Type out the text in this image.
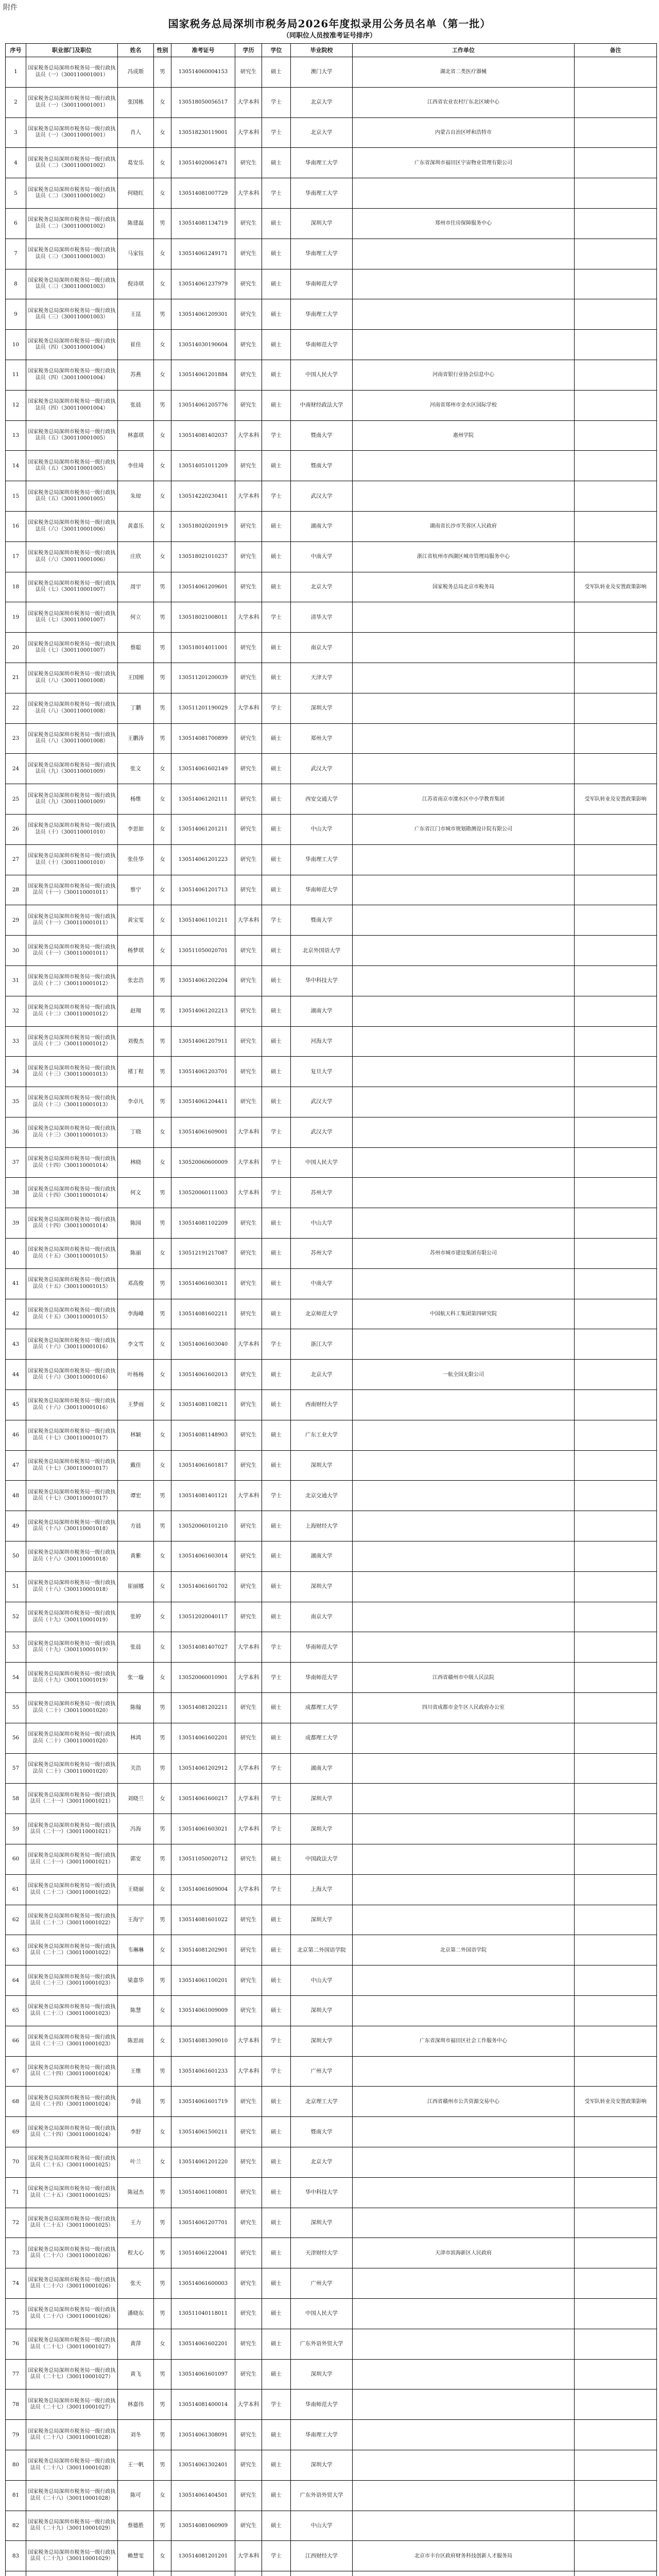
附件
国家税务总局深圳市税务局2026年度拟录用公务员名单（第一批）
（同职位人员按准考证号排序）
序号	职业部门及职位	姓名	性别	准考证号	学历	学位	毕业院校	工作单位	备注
1	国家税务总局深圳市税务局一级行政执法员（一）（300110001001）	冯成斯	男	130514060004153	研究生	硕士	澳门大学	湖北省二类医疗器械	
2	国家税务总局深圳市税务局一级行政执法员（一）（300110001001）	张国栋	女	130518050056517	大学本科	学士	北京大学	江西省农业农村厅东北区域中心	
3	国家税务总局深圳市税务局一级行政执法员（一）（300110001001）	肖人	女	130518230119001	大学本科	学士	北京大学	内蒙古自治区呼和浩特市	
4	国家税务总局深圳市税务局一级行政执法员（二）（300110001002）	葛安乐	女	130514020061471	研究生	硕士	华南理工大学	广东省深圳市福田区宇宙物业管理有限公司	
5	国家税务总局深圳市税务局一级行政执法员（二）（300110001002）	何晓红	女	130514081007729	大学本科	学士	华南理工大学		
6	国家税务总局深圳市税务局一级行政执法员（二）（300110001002）	陈建磊	男	130514081134719	研究生	硕士	深圳大学	郑州市住房保障服务中心	
7	国家税务总局深圳市税务局一级行政执法员（三）（300110001003）	马家钰	女	130514061249171	研究生	硕士	华南理工大学		
8	国家税务总局深圳市税务局一级行政执法员（三）（300110001003）	倪诗琪	女	130514061237979	研究生	硕士	华南师范大学		
9	国家税务总局深圳市税务局一级行政执法员（三）（300110001003）	王昆	男	130514061209301	研究生	硕士	华南理工大学		
10	国家税务总局深圳市税务局一级行政执法员（四）（300110001004）	崔佳	女	130514030190604	研究生	硕士	华南师范大学		
11	国家税务总局深圳市税务局一级行政执法员（四）（300110001004）	苏燕	女	130514061201884	研究生	硕士	中国人民大学	河南省银行业协会信息中心	
12	国家税务总局深圳市税务局一级行政执法员（四）（300110001004）	张晨	男	130514061205776	研究生	硕士	中南财经政法大学	河南省郑州市金水区国际学校	
13	国家税务总局深圳市税务局一级行政执法员（五）（300110001005）	林嘉琪	女	130514081402037	大学本科	学士	暨南大学	惠州学院	
14	国家税务总局深圳市税务局一级行政执法员（五）（300110001005）	李佳琦	女	130514051011209	研究生	硕士	暨南大学		
15	国家税务总局深圳市税务局一级行政执法员（五）（300110001005）	朱琼	女	130514220230411	大学本科	学士	武汉大学		
16	国家税务总局深圳市税务局一级行政执法员（六）（300110001006）	黄嘉乐	女	130518020201919	研究生	硕士	湖南大学	湖南省长沙市芙蓉区人民政府	
17	国家税务总局深圳市税务局一级行政执法员（六）（300110001006）	庄欣	女	130518021010237	研究生	硕士	中南大学	浙江省杭州市西湖区城市管理局服务中心	
18	国家税务总局深圳市税务局一级行政执法员（七）（300110001007）	周宇	男	130514061209601	研究生	硕士	北京大学	国家税务总局北京市税务局	受军队转业及安置政策影响
19	国家税务总局深圳市税务局一级行政执法员（七）（300110001007）	何立	男	130518021008011	大学本科	学士	清华大学		
20	国家税务总局深圳市税务局一级行政执法员（七）（300110001007）	蔡聪	男	130518014011001	研究生	硕士	南京大学		
21	国家税务总局深圳市税务局一级行政执法员（八）（300110001008）	王国刚	男	130511201200039	研究生	硕士	天津大学		
22	国家税务总局深圳市税务局一级行政执法员（八）（300110001008）	丁鹏	男	130511201190029	大学本科	学士	深圳大学		
23	国家税务总局深圳市税务局一级行政执法员（八）（300110001008）	王鹏涛	男	130514081700899	研究生	硕士	郑州大学		
24	国家税务总局深圳市税务局一级行政执法员（九）（300110001009）	张文	女	130514061602149	研究生	硕士	武汉大学		
25	国家税务总局深圳市税务局一级行政执法员（九）（300110001009）	杨维	女	130514061202111	研究生	硕士	西安交通大学	江苏省南京市溧水区中小学教育集团	受军队转业及安置政策影响
26	国家税务总局深圳市税务局一级行政执法员（十）（300110001010）	李思如	女	130514061201211	研究生	硕士	中山大学	广东省江门市城市规划勘测设计院有限公司	
27	国家税务总局深圳市税务局一级行政执法员（十）（300110001010）	张佳华	女	130514061201223	研究生	硕士	华南理工大学		
28	国家税务总局深圳市税务局一级行政执法员（十一）（300110001011）	蔡宁	女	130514061201713	研究生	硕士	华南师范大学		
29	国家税务总局深圳市税务局一级行政执法员（十一）（300110001011）	黄宝雯	女	130514061101211	大学本科	学士	暨南大学		
30	国家税务总局深圳市税务局一级行政执法员（十一）（300110001011）	杨梦琪	女	130511050020701	研究生	硕士	北京外国语大学		
31	国家税务总局深圳市税务局一级行政执法员（十二）（300110001012）	张忠浩	男	130514061202204	研究生	硕士	华中科技大学		
32	国家税务总局深圳市税务局一级行政执法员（十二）（300110001012）	赵翔	男	130514061202213	研究生	硕士	湖南大学		
33	国家税务总局深圳市税务局一级行政执法员（十二）（300110001012）	刘俊杰	男	130514061207911	研究生	硕士	河海大学		
34	国家税务总局深圳市税务局一级行政执法员（十三）（300110001013）	褚丁程	男	130514061203701	研究生	硕士	复旦大学		
35	国家税务总局深圳市税务局一级行政执法员（十三）（300110001013）	李卓凡	男	130514061204411	研究生	硕士	武汉大学		
36	国家税务总局深圳市税务局一级行政执法员（十三）（300110001013）	丁晓	女	130514061609001	大学本科	学士	武汉大学		
37	国家税务总局深圳市税务局一级行政执法员（十四）（300110001014）	林晓	女	130520060600009	大学本科	学士	中国人民大学		
38	国家税务总局深圳市税务局一级行政执法员（十四）（300110001014）	何文	男	130520060111003	大学本科	学士	苏州大学		
39	国家税务总局深圳市税务局一级行政执法员（十四）（300110001014）	陈园	男	130514081102209	研究生	硕士	中山大学		
40	国家税务总局深圳市税务局一级行政执法员（十五）（300110001015）	陈丽	女	130512191217087	研究生	硕士	苏州大学	苏州市城市建设集团有限公司	
41	国家税务总局深圳市税务局一级行政执法员（十五）（300110001015）	邓高俊	男	130514061603011	研究生	硕士	中南大学		
42	国家税务总局深圳市税务局一级行政执法员（十五）（300110001015）	李海峰	男	130514081602211	研究生	硕士	北京师范大学	中国航天科工集团第四研究院	
43	国家税务总局深圳市税务局一级行政执法员（十六）（300110001016）	李文雪	女	130514061603040	大学本科	学士	浙江大学		
44	国家税务总局深圳市税务局一级行政执法员（十六）（300110001016）	叶杨杨	女	130514061602013	研究生	硕士	北京大学	一航全国无限公司	
45	国家税务总局深圳市税务局一级行政执法员（十六）（300110001016）	王梦雨	女	130514081108211	研究生	硕士	西南财经大学		
46	国家税务总局深圳市税务局一级行政执法员（十七）（300110001017）	林颖	女	130514081148903	研究生	硕士	广东工业大学		
47	国家税务总局深圳市税务局一级行政执法员（十七）（300110001017）	戴佳	女	130514061601817	研究生	硕士	深圳大学		
48	国家税务总局深圳市税务局一级行政执法员（十七）（300110001017）	谭宏	男	130514081401121	大学本科	学士	北京交通大学		
49	国家税务总局深圳市税务局一级行政执法员（十八）（300110001018）	方晨	男	130520060101210	研究生	硕士	上海财经大学		
50	国家税务总局深圳市税务局一级行政执法员（十八）（300110001018）	黄紫	女	130514061603014	研究生	硕士	湖南大学		
51	国家税务总局深圳市税务局一级行政执法员（十八）（300110001018）	崔丽娜	女	130514061601702	研究生	硕士	深圳大学		
52	国家税务总局深圳市税务局一级行政执法员（十九）（300110001019）	张婷	女	130512020040117	研究生	硕士	南京大学		
53	国家税务总局深圳市税务局一级行政执法员（十九）（300110001019）	张晨	女	130514081407027	大学本科	学士	华南师范大学		
54	国家税务总局深圳市税务局一级行政执法员（十九）（300110001019）	张一璇	女	130520060010901	大学本科	学士	华南师范大学	江西省赣州市中级人民法院	
55	国家税务总局深圳市税务局一级行政执法员（二十）（300110001020）	陈翰	男	130514081202211	研究生	硕士	成都理工大学	四川省成都市金牛区人民政府办公室	
56	国家税务总局深圳市税务局一级行政执法员（二十）（300110001020）	林鸿	男	130514061602201	研究生	硕士	成都理工大学		
57	国家税务总局深圳市税务局一级行政执法员（二十）（300110001020）	关浩	男	130514061202912	大学本科	学士	湖南大学		
58	国家税务总局深圳市税务局一级行政执法员（二十一）（300110001021）	刘晓兰	女	130514061600217	大学本科	学士	深圳大学		
59	国家税务总局深圳市税务局一级行政执法员（二十一）（300110001021）	冯海	男	130514061603021	大学本科	学士	深圳大学		
60	国家税务总局深圳市税务局一级行政执法员（二十一）（300110001021）	郭安	男	130511050020712	研究生	硕士	中国政法大学		
61	国家税务总局深圳市税务局一级行政执法员（二十二）（300110001022）	王晓丽	女	130514061609004	大学本科	学士	上海大学		
62	国家税务总局深圳市税务局一级行政执法员（二十二）（300110001022）	王海宁	男	130514081601022	研究生	硕士	深圳大学		
63	国家税务总局深圳市税务局一级行政执法员（二十二）（300110001022）	韦琳琳	女	130514081202901	研究生	硕士	北京第二外国语学院	北京第二外国语学院	
64	国家税务总局深圳市税务局一级行政执法员（二十三）（300110001023）	梁嘉华	男	130514061100201	研究生	硕士	中山大学		
65	国家税务总局深圳市税务局一级行政执法员（二十三）（300110001023）	陈慧	女	130514061009009	研究生	硕士	深圳大学		
66	国家税务总局深圳市税务局一级行政执法员（二十三）（300110001023）	陈思雨	女	130514081309010	大学本科	学士	深圳大学	广东省深圳市福田区社会工作服务中心	
67	国家税务总局深圳市税务局一级行政执法员（二十四）（300110001024）	王维	男	130514061601233	大学本科	学士	广州大学		
68	国家税务总局深圳市税务局一级行政执法员（二十四）（300110001024）	李晨	男	130514061601719	研究生	硕士	北京理工大学	江西省赣州市公共资源交易中心	受军队转业及安置政策影响
69	国家税务总局深圳市税务局一级行政执法员（二十四）（300110001024）	李舒	女	130514061500211	研究生	硕士	暨南大学		
70	国家税务总局深圳市税务局一级行政执法员（二十五）（300110001025）	叶兰	女	130514061201220	研究生	硕士	北京大学		
71	国家税务总局深圳市税务局一级行政执法员（二十五）（300110001025）	陈冠杰	男	130514061100801	研究生	硕士	华中科技大学		
72	国家税务总局深圳市税务局一级行政执法员（二十五）（300110001025）	王力	男	130514061207701	研究生	硕士	深圳大学		
73	国家税务总局深圳市税务局一级行政执法员（二十六）（300110001026）	程大心	男	130514061220041	研究生	硕士	天津财经大学	天津市滨海新区人民政府	
74	国家税务总局深圳市税务局一级行政执法员（二十六）（300110001026）	张天	男	130514061600003	研究生	硕士	广州大学		
75	国家税务总局深圳市税务局一级行政执法员（二十六）（300110001026）	潘晓东	男	130511040118011	研究生	硕士	中国人民大学		
76	国家税务总局深圳市税务局一级行政执法员（二十七）（300110001027）	黄萍	女	130514061602201	研究生	硕士	广东外语外贸大学		
77	国家税务总局深圳市税务局一级行政执法员（二十七）（300110001027）	黄飞	男	130514061601097	研究生	硕士	深圳大学		
78	国家税务总局深圳市税务局一级行政执法员（二十七）（300110001027）	林嘉伟	男	130514081400014	大学本科	学士	华南师范大学		
79	国家税务总局深圳市税务局一级行政执法员（二十八）（300110001028）	刘冬	男	130514061308091	研究生	硕士	华南理工大学		
80	国家税务总局深圳市税务局一级行政执法员（二十八）（300110001028）	王一帆	男	130514061302401	研究生	硕士	深圳大学		
81	国家税务总局深圳市税务局一级行政执法员（二十八）（300110001028）	陈可	女	130514061404501	研究生	硕士	广东外语外贸大学		
82	国家税务总局深圳市税务局一级行政执法员（二十九）（300110001029）	蔡德胜	男	130514081060909	研究生	硕士	中山大学		
83	国家税务总局深圳市税务局一级行政执法员（二十九）（300110001029）	赖慧雯	女	130514081201201	大学本科	学士	江西财经大学	北京市丰台区政府财务科技创新人才服务局	
